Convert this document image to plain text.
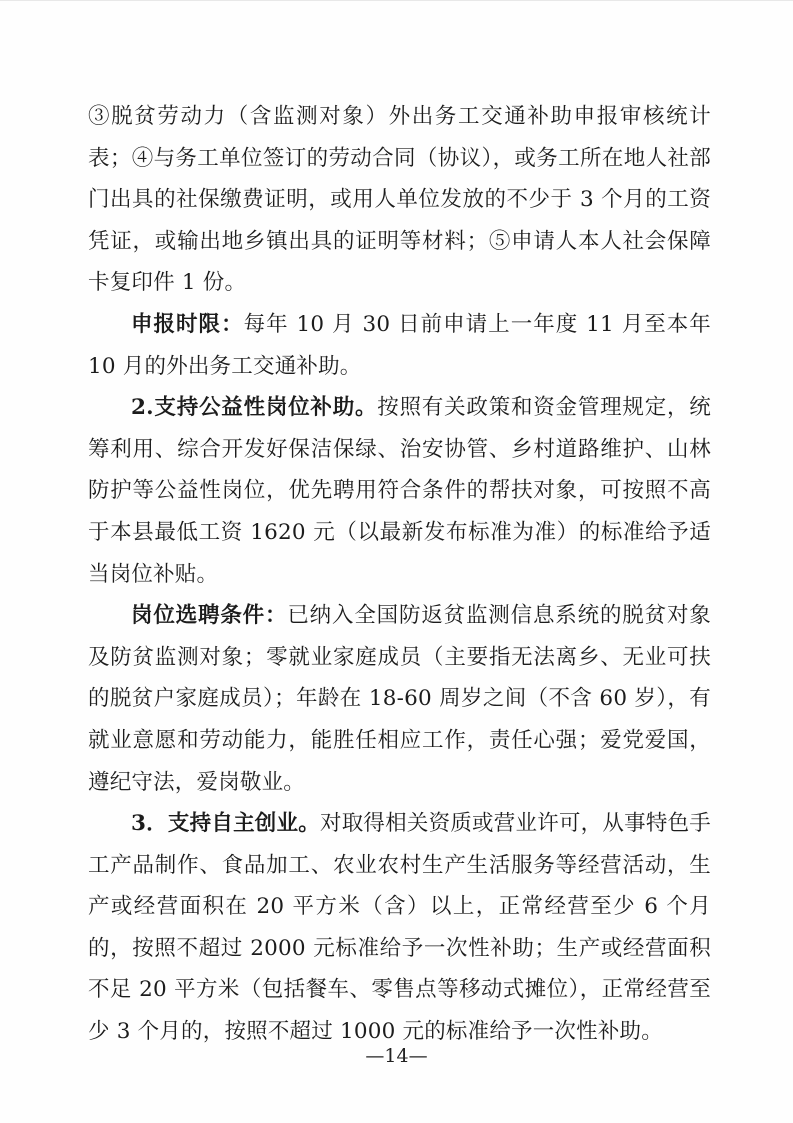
③脱贫劳动力（含监测对象）外出务工交通补助申报审核统计表；④与务工单位签订的劳动合同（协议），或务工所在地人社部门出具的社保缴费证明，或用人单位发放的不少于 3 个月的工资凭证，或输出地乡镇出具的证明等材料；⑤申请人本人社会保障卡复印件 1 份。

申报时限：每年 10 月 30 日前申请上一年度 11 月至本年 10 月的外出务工交通补助。

2.支持公益性岗位补助。按照有关政策和资金管理规定，统筹利用、综合开发好保洁保绿、治安协管、乡村道路维护、山林防护等公益性岗位，优先聘用符合条件的帮扶对象，可按照不高于本县最低工资 1620 元（以最新发布标准为准）的标准给予适当岗位补贴。

岗位选聘条件：已纳入全国防返贫监测信息系统的脱贫对象及防贫监测对象；零就业家庭成员（主要指无法离乡、无业可扶的脱贫户家庭成员）；年龄在 18-60 周岁之间（不含 60 岁），有就业意愿和劳动能力，能胜任相应工作，责任心强；爱党爱国，遵纪守法，爱岗敬业。

3．支持自主创业。对取得相关资质或营业许可，从事特色手工产品制作、食品加工、农业农村生产生活服务等经营活动，生产或经营面积在 20 平方米（含）以上，正常经营至少 6 个月的，按照不超过 2000 元标准给予一次性补助；生产或经营面积不足 20 平方米（包括餐车、零售点等移动式摊位），正常经营至少 3 个月的，按照不超过 1000 元的标准给予一次性补助。

—14—
